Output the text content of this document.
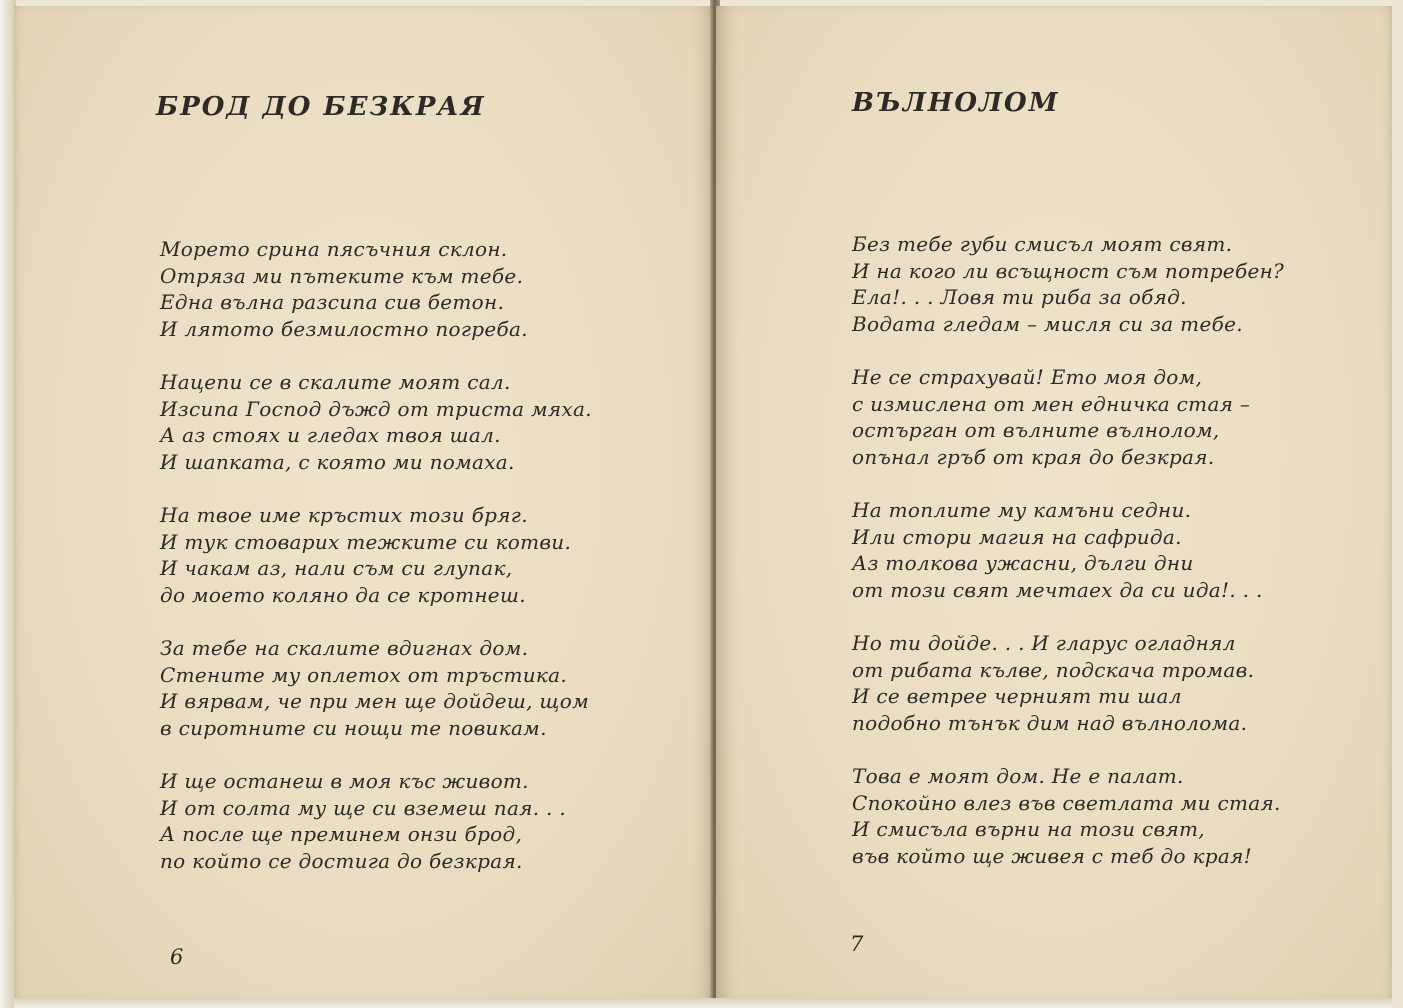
БРОД ДО БЕЗКРАЯ
Морето срина пясъчния склон.
Отряза ми пътеките към тебе.
Една вълна разсипа сив бетон.
И лятото безмилостно погреба.
Нацепи се в скалите моят сал.
Изсипа Господ дъжд от триста мяха.
А аз стоях и гледах твоя шал.
И шапката, с която ми помаха.
На твое име кръстих този бряг.
И тук стоварих тежките си котви.
И чакам аз, нали съм си глупак,
до моето коляно да се кротнеш.
За тебе на скалите вдигнах дом.
Стените му оплетох от тръстика.
И вярвам, че при мен ще дойдеш, щом
в сиротните си нощи те повикам.
И ще останеш в моя къс живот.
И от солта му ще си вземеш пая. . .
А после ще преминем онзи брод,
по който се достига до безкрая.
6
ВЪЛНОЛОМ
Без тебе губи смисъл моят свят.
И на кого ли всъщност съм потребен?
Ела!. . . Ловя ти риба за обяд.
Водата гледам – мисля си за тебе.
Не се страхувай! Ето моя дом,
с измислена от мен едничка стая –
остърган от вълните вълнолом,
опънал гръб от края до безкрая.
На топлите му камъни седни.
Или стори магия на сафрида.
Аз толкова ужасни, дълги дни
от този свят мечтаех да си ида!. . .
Но ти дойде. . . И гларус огладнял
от рибата кълве, подскача тромав.
И се ветрее черният ти шал
подобно тънък дим над вълнолома.
Това е моят дом. Не е палат.
Спокойно влез във светлата ми стая.
И смисъла върни на този свят,
във който ще живея с теб до края!
7
